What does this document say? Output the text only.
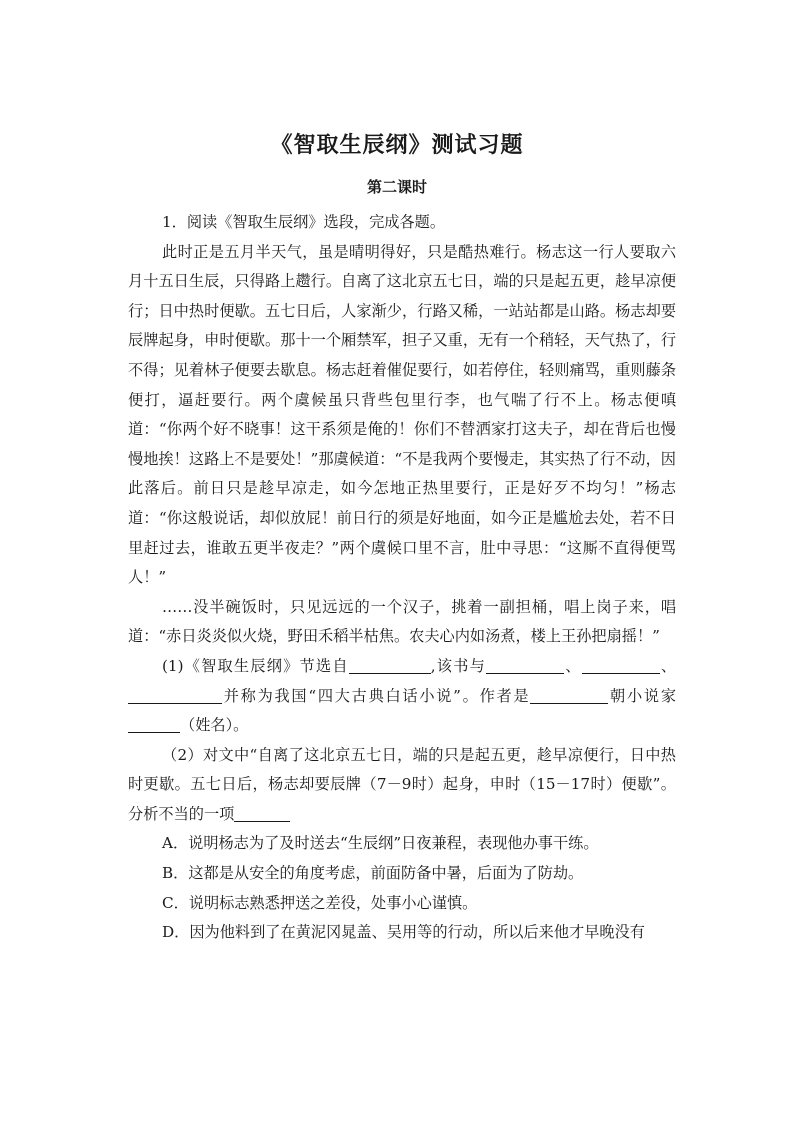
《智取生辰纲》测试习题
第二课时

1．阅读《智取生辰纲》选段，完成各题。

此时正是五月半天气，虽是晴明得好，只是酷热难行。杨志这一行人要取六月十五日生辰，只得路上趱行。自离了这北京五七日，端的只是起五更，趁早凉便行；日中热时便歇。五七日后，人家渐少，行路又稀，一站站都是山路。杨志却要辰牌起身，申时便歇。那十一个厢禁军，担子又重，无有一个稍轻，天气热了，行不得；见着林子便要去歇息。杨志赶着催促要行，如若停住，轻则痛骂，重则藤条便打，逼赶要行。两个虞候虽只背些包里行李，也气喘了行不上。杨志便嗔道：“你两个好不晓事！这干系须是俺的！你们不替洒家打这夫子，却在背后也慢慢地挨！这路上不是要处！”那虞候道：“不是我两个要慢走，其实热了行不动，因此落后。前日只是趁早凉走，如今怎地正热里要行，正是好歹不均匀！”杨志道：“你这般说话，却似放屁！前日行的须是好地面，如今正是尴尬去处，若不日里赶过去，谁敢五更半夜走？”两个虞候口里不言，肚中寻思：“这厮不直得便骂人！”

……没半碗饭时，只见远远的一个汉子，挑着一副担桶，唱上岗子来，唱道：“赤日炎炎似火烧，野田禾稻半枯焦。农夫心内如汤煮，楼上王孙把扇摇！”

(1)《智取生辰纲》节选自	,该书与	、	、并称为我国“四大古典白话小说”。作者是	朝小说家（姓名）。

（2）对文中“自离了这北京五七日，端的只是起五更，趁早凉便行，日中热时更歇。五七日后，杨志却要辰牌（7－9时）起身，申时（15－17时）便歇”。分析不当的一项

A．说明杨志为了及时送去“生辰纲”日夜兼程，表现他办事干练。

B．这都是从安全的角度考虑，前面防备中暑，后面为了防劫。

C．说明标志熟悉押送之差役，处事小心谨慎。

D．因为他料到了在黄泥冈晁盖、吴用等的行动，所以后来他才早晚没有
